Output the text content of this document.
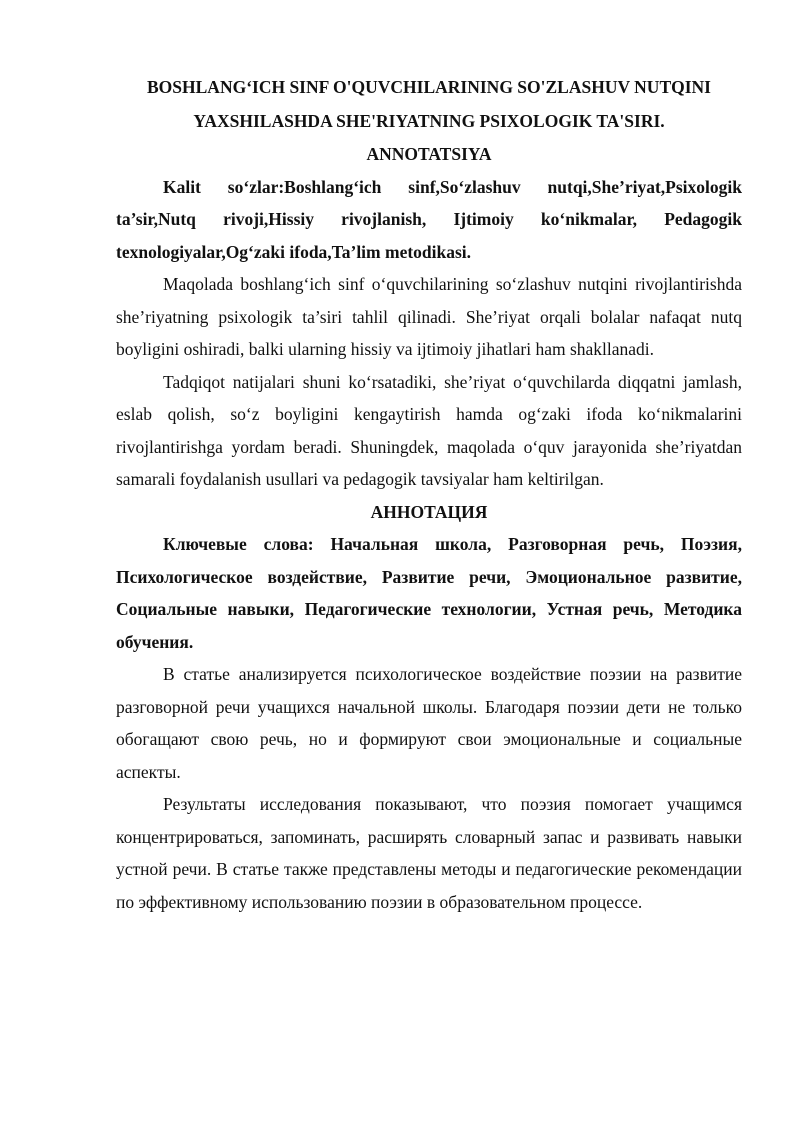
BOSHLANG‘ICH SINF O'QUVCHILARINING SO'ZLASHUV NUTQINI
YAXSHILASHDA SHE'RIYATNING PSIXOLOGIK TA'SIRI.
ANNOTATSIYA

Kalit so‘zlar:Boshlang‘ich sinf,So‘zlashuv nutqi,She’riyat,Psixologik ta’sir,Nutq rivoji,Hissiy rivojlanish, Ijtimoiy ko‘nikmalar, Pedagogik texnologiyalar,Og‘zaki ifoda,Ta’lim metodikasi.

Maqolada boshlang‘ich sinf o‘quvchilarining so‘zlashuv nutqini rivojlantirishda she’riyatning psixologik ta’siri tahlil qilinadi. She’riyat orqali bolalar nafaqat nutq boyligini oshiradi, balki ularning hissiy va ijtimoiy jihatlari ham shakllanadi.

Tadqiqot natijalari shuni ko‘rsatadiki, she’riyat o‘quvchilarda diqqatni jamlash, eslab qolish, so‘z boyligini kengaytirish hamda og‘zaki ifoda ko‘nikmalarini rivojlantirishga yordam beradi. Shuningdek, maqolada o‘quv jarayonida she’riyatdan samarali foydalanish usullari va pedagogik tavsiyalar ham keltirilgan.

АННОТАЦИЯ

Ключевые слова: Начальная школа, Разговорная речь, Поэзия, Психологическое воздействие, Развитие речи, Эмоциональное развитие, Социальные навыки, Педагогические технологии, Устная речь, Методика обучения.

В статье анализируется психологическое воздействие поэзии на развитие разговорной речи учащихся начальной школы. Благодаря поэзии дети не только обогащают свою речь, но и формируют свои эмоциональные и социальные аспекты.

Результаты исследования показывают, что поэзия помогает учащимся концентрироваться, запоминать, расширять словарный запас и развивать навыки устной речи. В статье также представлены методы и педагогические рекомендации по эффективному использованию поэзии в образовательном процессе.
